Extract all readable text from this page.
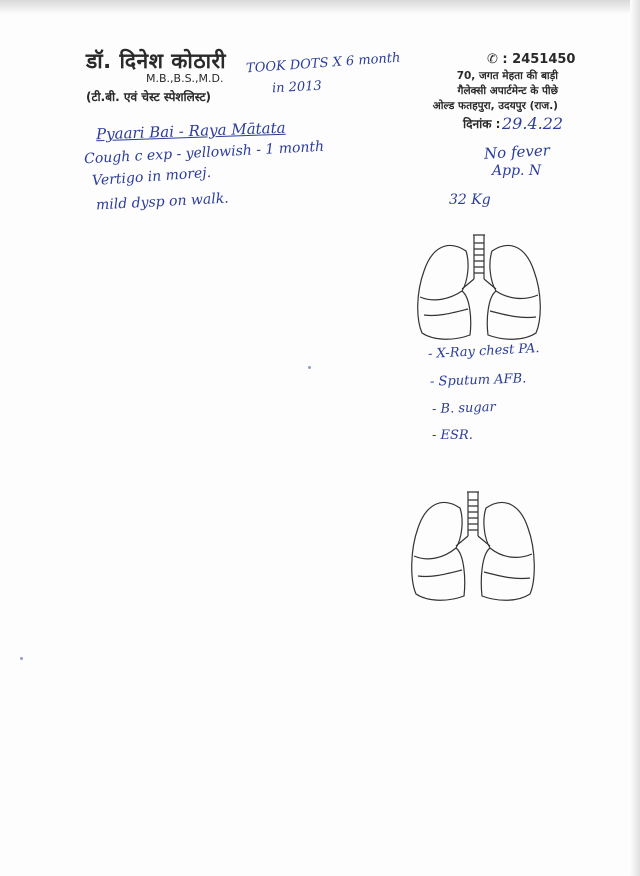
डॉ. दिनेश कोठारी
M.B.,B.S.,M.D.
(टी.बी. एवं चेस्ट स्पेशलिस्ट)
✆ : 2451450
70, जगत मेहता की बाड़ी
गैलेक्सी अपार्टमेन्ट के पीछे
ओल्ड फतहपुरा, उदयपुर (राज.)
दिनांक :
TOOK DOTS X 6 month
in 2013
29.4.22
Pyaari Bai - Raya Mātata
Cough c exp - yellowish - 1 month
Vertigo in morej.
mild dysp on walk.
No fever
App. N
32 Kg
- X-Ray chest PA.
- Sputum AFB.
- B. sugar
- ESR.
